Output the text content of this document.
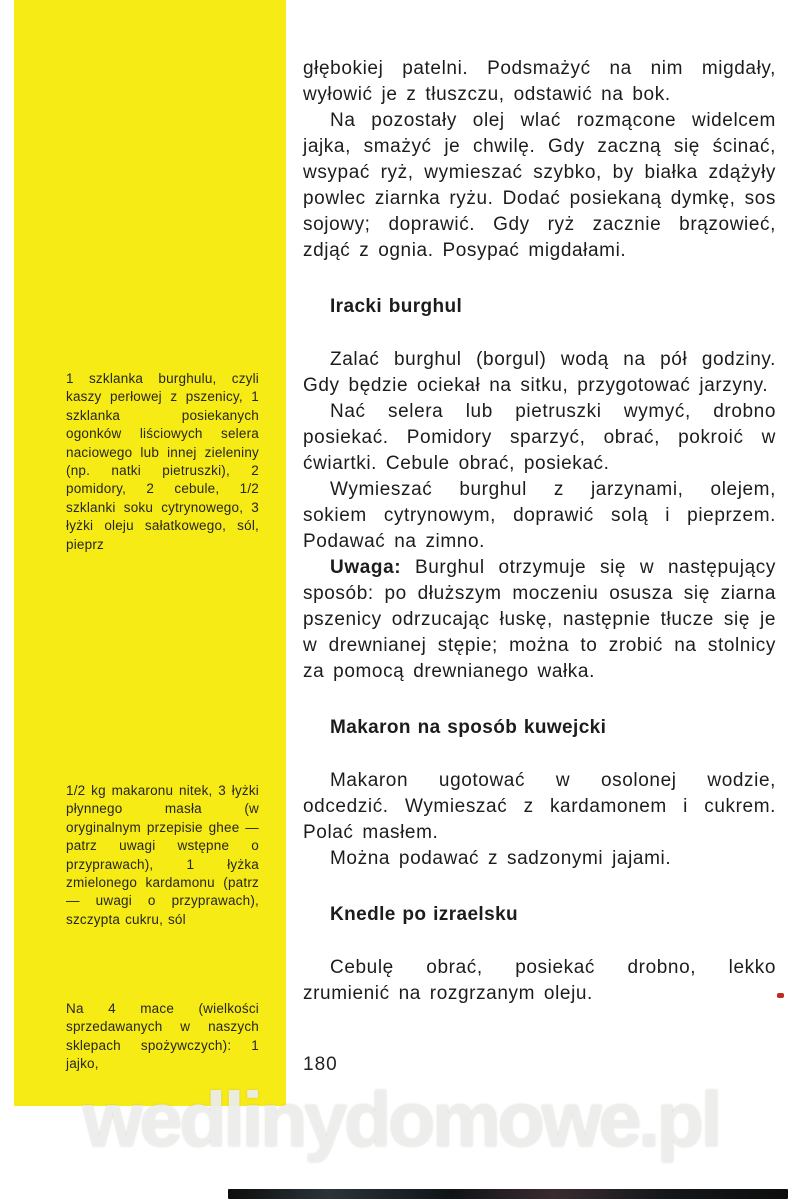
1 szklanka burghulu, czyli kaszy perłowej z pszenicy, 1 szklanka posiekanych ogonków liściowych selera naciowego lub innej zieleniny (np. natki pietruszki), 2 pomidory, 2 cebule, 1/2 szklanki soku cytrynowego, 3 łyżki oleju sałatkowego, sól, pieprz
1/2 kg makaronu nitek, 3 łyżki płynnego masła (w oryginalnym przepisie ghee — patrz uwagi wstępne o przyprawach), 1 łyżka zmielonego kardamonu (patrz — uwagi o przyprawach), szczypta cukru, sól
Na 4 mace (wielkości sprzedawanych w naszych sklepach spożywczych): 1 jajko,

głębokiej patelni. Podsmażyć na nim migdały, wyłowić je z tłuszczu, odstawić na bok.

Na pozostały olej wlać rozmącone widelcem jajka, smażyć je chwilę. Gdy zaczną się ścinać, wsypać ryż, wymieszać szybko, by białka zdążyły powlec ziarnka ryżu. Dodać posiekaną dymkę, sos sojowy; doprawić. Gdy ryż zacznie brązowieć, zdjąć z ognia. Posypać migdałami.

Iracki burghul

Zalać burghul (borgul) wodą na pół godziny. Gdy będzie ociekał na sitku, przygotować jarzyny.

Nać selera lub pietruszki wymyć, drobno posiekać. Pomidory sparzyć, obrać, pokroić w ćwiartki. Cebule obrać, posiekać.

Wymieszać burghul z jarzynami, olejem, sokiem cytrynowym, doprawić solą i pieprzem. Podawać na zimno.

Uwaga: Burghul otrzymuje się w następujący sposób: po dłuższym moczeniu osusza się ziarna pszenicy odrzucając łuskę, następnie tłucze się je w drewnianej stępie; można to zrobić na stolnicy za pomocą drewnianego wałka.

Makaron na sposób kuwejcki

Makaron ugotować w osolonej wodzie, odcedzić. Wymieszać z kardamonem i cukrem. Polać masłem.

Można podawać z sadzonymi jajami.

Knedle po izraelsku

Cebulę obrać, posiekać drobno, lekko zrumienić na rozgrzanym oleju.

180
wedlinydomowe.pl
